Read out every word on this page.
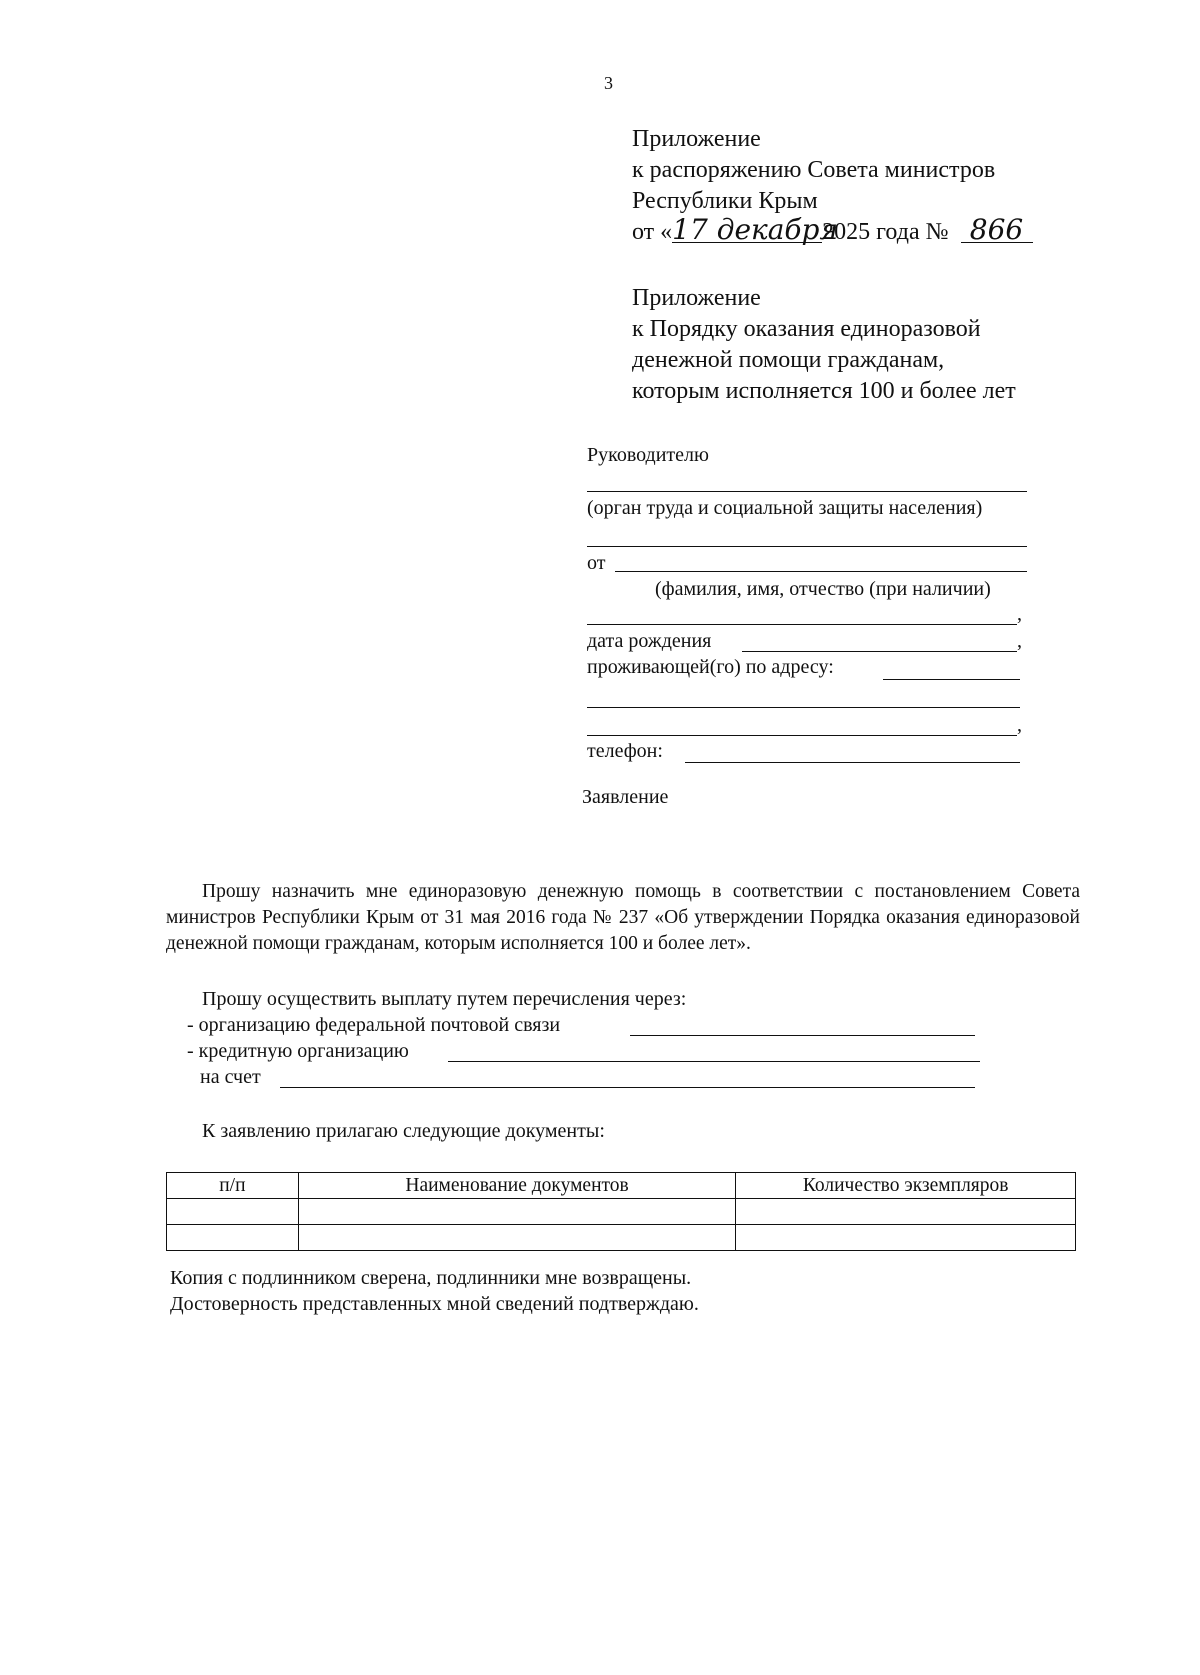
3
Приложение
к распоряжению Совета министров
Республики Крым
от «17 декабря2025 года № 866
Приложение
к Порядку оказания единоразовой
денежной помощи гражданам,
которым исполняется 100 и более лет
Руководителю
(орган труда и социальной защиты населения)
от
(фамилия, имя, отчество (при наличии)
,
дата рождения	,
проживающей(го) по адресу:
,
телефон:
Заявление
Прошу назначить мне единоразовую денежную помощь в соответствии с постановлением Совета министров Республики Крым от 31 мая 2016 года № 237 «Об утверждении Порядка оказания единоразовой денежной помощи гражданам, которым исполняется 100 и более лет».
Прошу осуществить выплату путем перечисления через:
- организацию федеральной почтовой связи
- кредитную организацию
на счет
К заявлению прилагаю следующие документы:
п/п	Наименование документов	Количество экземпляров

Копия с подлинником сверена, подлинники мне возвращены.
Достоверность представленных мной сведений подтверждаю.
